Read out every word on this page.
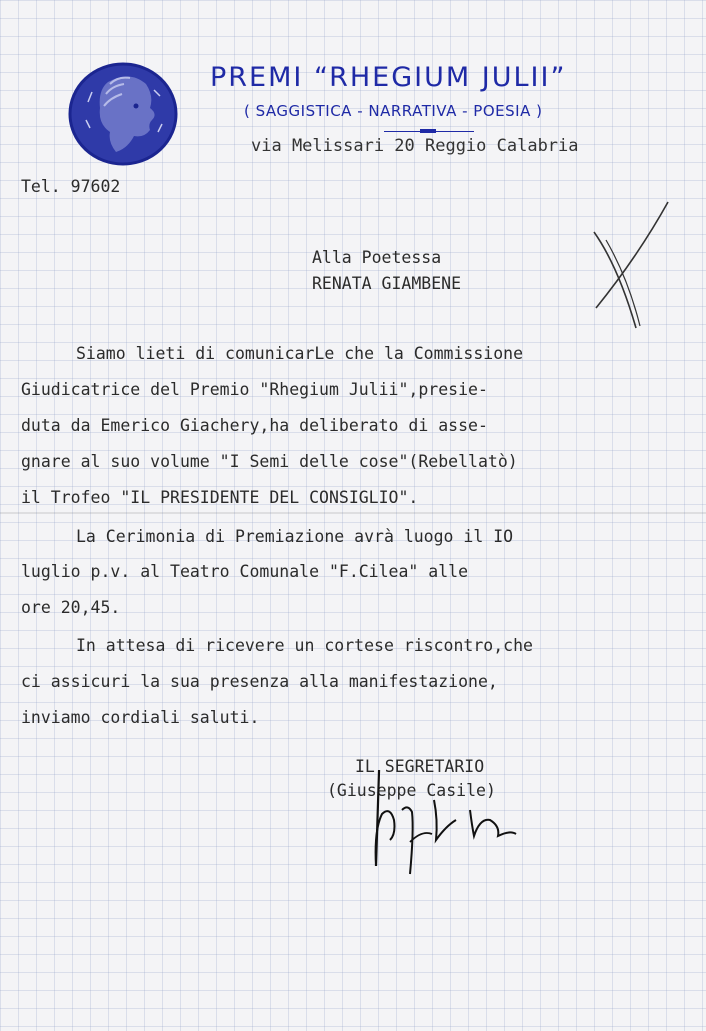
PREMI “RHEGIUM JULII”
( SAGGISTICA - NARRATIVA - POESIA )
via Melissari 20 Reggio Calabria
Tel. 97602
Alla Poetessa
RENATA GIAMBENE
Siamo lieti di comunicarLe che la Commissione
Giudicatrice del Premio "Rhegium Julii",presie-
duta da Emerico Giachery,ha deliberato di asse-
gnare al suo volume "I Semi delle cose"(Rebellatò)
il Trofeo "IL PRESIDENTE DEL CONSIGLIO".
La Cerimonia di Premiazione avrà luogo il IO
luglio p.v. al Teatro Comunale "F.Cilea" alle
ore 20,45.
In attesa di ricevere un cortese riscontro,che
ci assicuri la sua presenza alla manifestazione,
inviamo cordiali saluti.
IL SEGRETARIO
(Giuseppe Casile)
